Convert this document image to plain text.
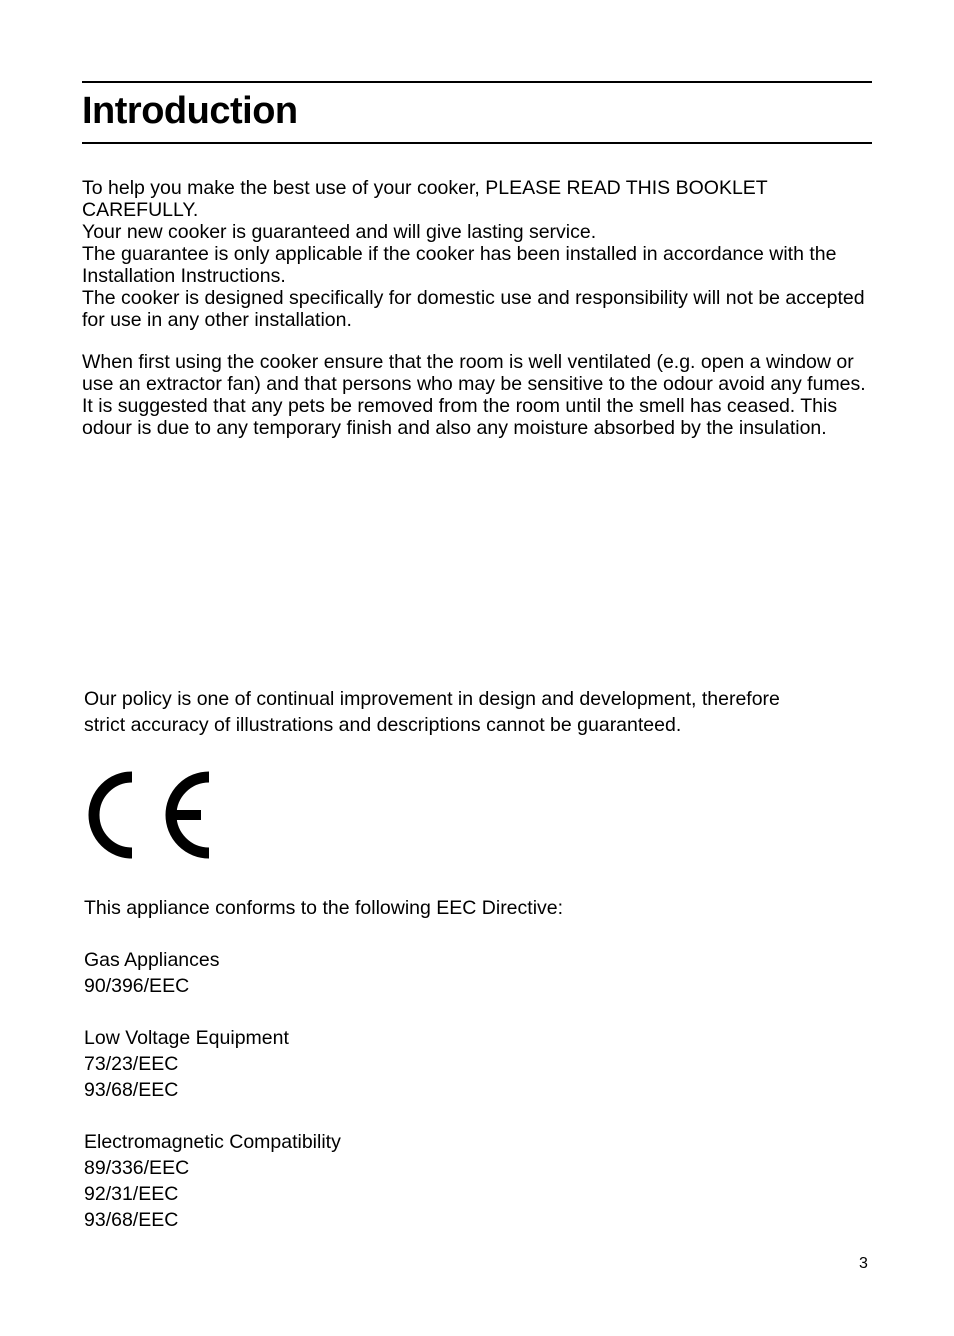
Introduction

To help you make the best use of your cooker, PLEASE READ THIS BOOKLET CAREFULLY.

Your new cooker is guaranteed and will give lasting service.

The guarantee is only applicable if the cooker has been installed in accordance with the Installation Instructions.

The cooker is designed specifically for domestic use and responsibility will not be accepted for use in any other installation.

When first using the cooker ensure that the room is well ventilated (e.g. open a window or use an extractor fan) and that persons who may be sensitive to the odour avoid any fumes. It is suggested that any pets be removed from the room until the smell has ceased. This odour is due to any temporary finish and also any moisture absorbed by the insulation.

Our policy is one of continual improvement in design and development, therefore strict accuracy of illustrations and descriptions cannot be guaranteed.

This appliance conforms to the following EEC Directive:
Gas Appliances
90/396/EEC
Low Voltage Equipment
73/23/EEC
93/68/EEC
Electromagnetic Compatibility
89/336/EEC
92/31/EEC
93/68/EEC
3
